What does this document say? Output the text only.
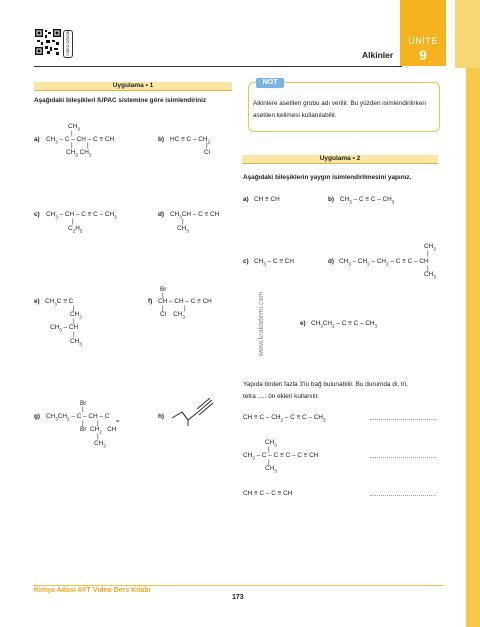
VİDEO ÇÖZÜM	Alkinler
ÜNİTE
9
Uygulama • 1
Aşağıdaki bileşikleri IUPAC sistemine göre isimlendiriniz
a)
$CH_3$
|
$CH_3$ – C – CH – C ≡ CH
| |
$CH_3$ $CH_3$
b) HC ≡ C – $CH_2$
|
Cl
c) $CH_3$ – CH – $C \equiv C - CH_3$
|
$C_2H_5$
d) $CH_3CH$ – C ≡ CH
|
$CH_3$
e) $CH_3C \equiv C$
|
$CH_2$
|
$CH_3$ – CH
|
$CH_3$
Br
|
f) CH – CH – C ≡ CH
|	|
Cl    $CH_3$
Br
|
g) $CH_3CH_2$ – C – CH – C
| |	=
Br  $CH_2$   CH
|
$CH_3$
h)
www.krakademi.com
NOT
Alkinlere asetilen grubu adı verilir. Bu yüzden isimlendirilirken
asetilen kelimesi kullanılabilir.
Uygulama • 2
Aşağıdaki bileşiklerin yaygın isimlendirilmesini yapınız.
a) CH ≡ CH	b) $CH_3 - C \equiv C - CH_3$
c) $CH_3$ – C ≡ CH
$CH_3$
|
d) $CH_3 - CH_2 - CH_2 - C \equiv C$ – CH
|
$CH_3$
e) $CH_3CH_2 - C \equiv C - CH_3$
Yapıda birden fazla 3'lü bağ bulunabilir. Bu durumda di, tri,
tetra ..... ön ekleri kullanılır.
CH ≡ $C - CH_2 - C \equiv C - CH_3$
$CH_3$
|
$CH_3 - C - C \equiv C - C$ ≡ CH
|
$CH_3$
CH ≡ C – C ≡ CH
Kimya Adası AYT Video Ders Kitabı
173
